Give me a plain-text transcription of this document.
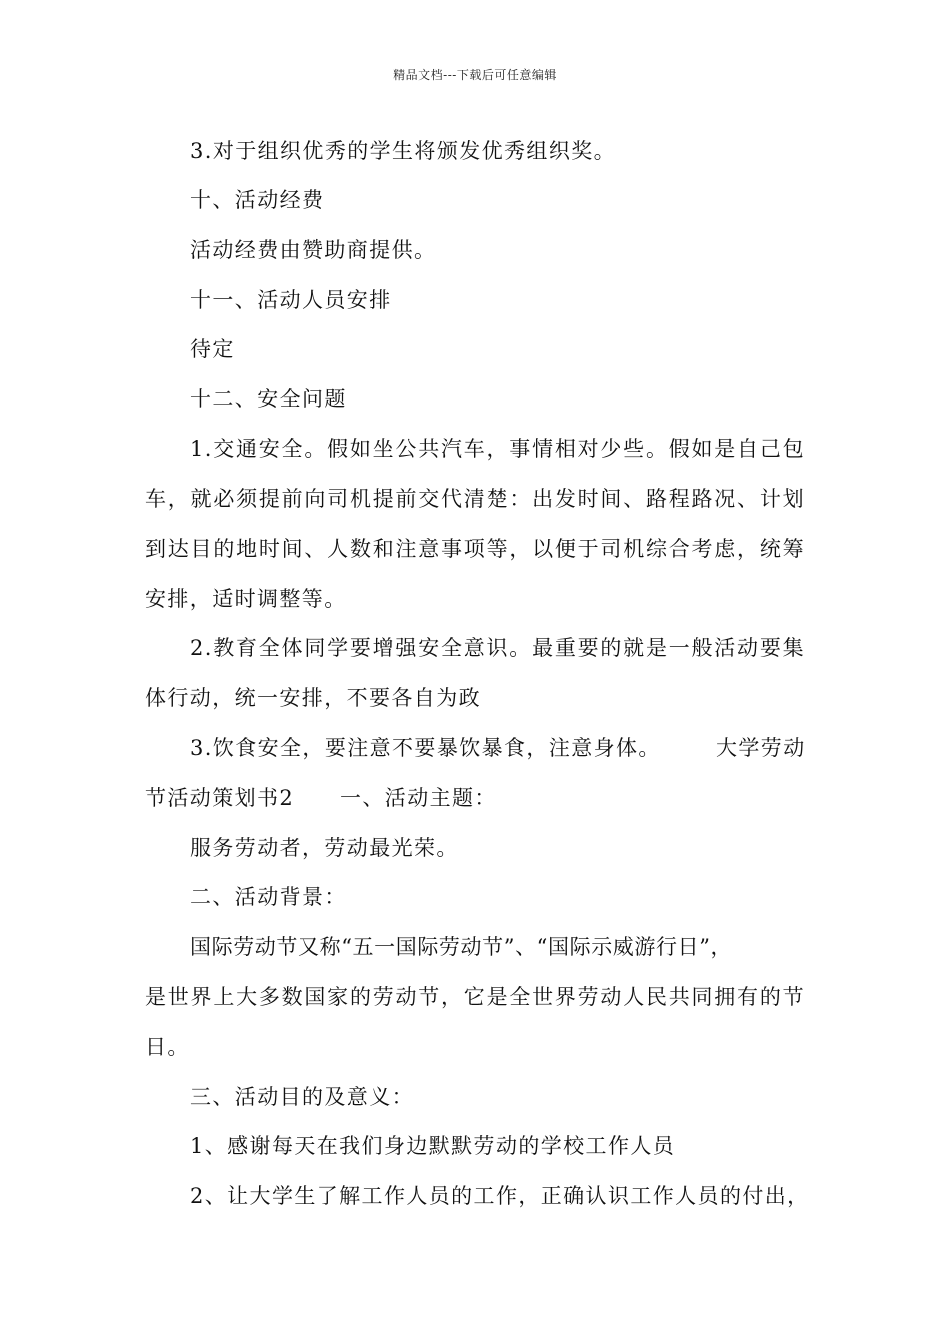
精品文档---下载后可任意编辑
3.对于组织优秀的学生将颁发优秀组织奖。
十、活动经费
活动经费由赞助商提供。
十一、活动人员安排
待定
十二、安全问题
1.交通安全。假如坐公共汽车，事情相对少些。假如是自己包
车，就必须提前向司机提前交代清楚：出发时间、路程路况、计划
到达目的地时间、人数和注意事项等，以便于司机综合考虑，统筹
安排，适时调整等。
2.教育全体同学要增强安全意识。最重要的就是一般活动要集
体行动，统一安排，不要各自为政
3.饮食安全，要注意不要暴饮暴食，注意身体。	大学劳动
节活动策划书2 一、活动主题：
服务劳动者，劳动最光荣。
二、活动背景：
国际劳动节又称“五一国际劳动节”、“国际示威游行日”，
是世界上大多数国家的劳动节，它是全世界劳动人民共同拥有的节
日。
三、活动目的及意义：
1、感谢每天在我们身边默默劳动的学校工作人员
2、让大学生了解工作人员的工作，正确认识工作人员的付出，
